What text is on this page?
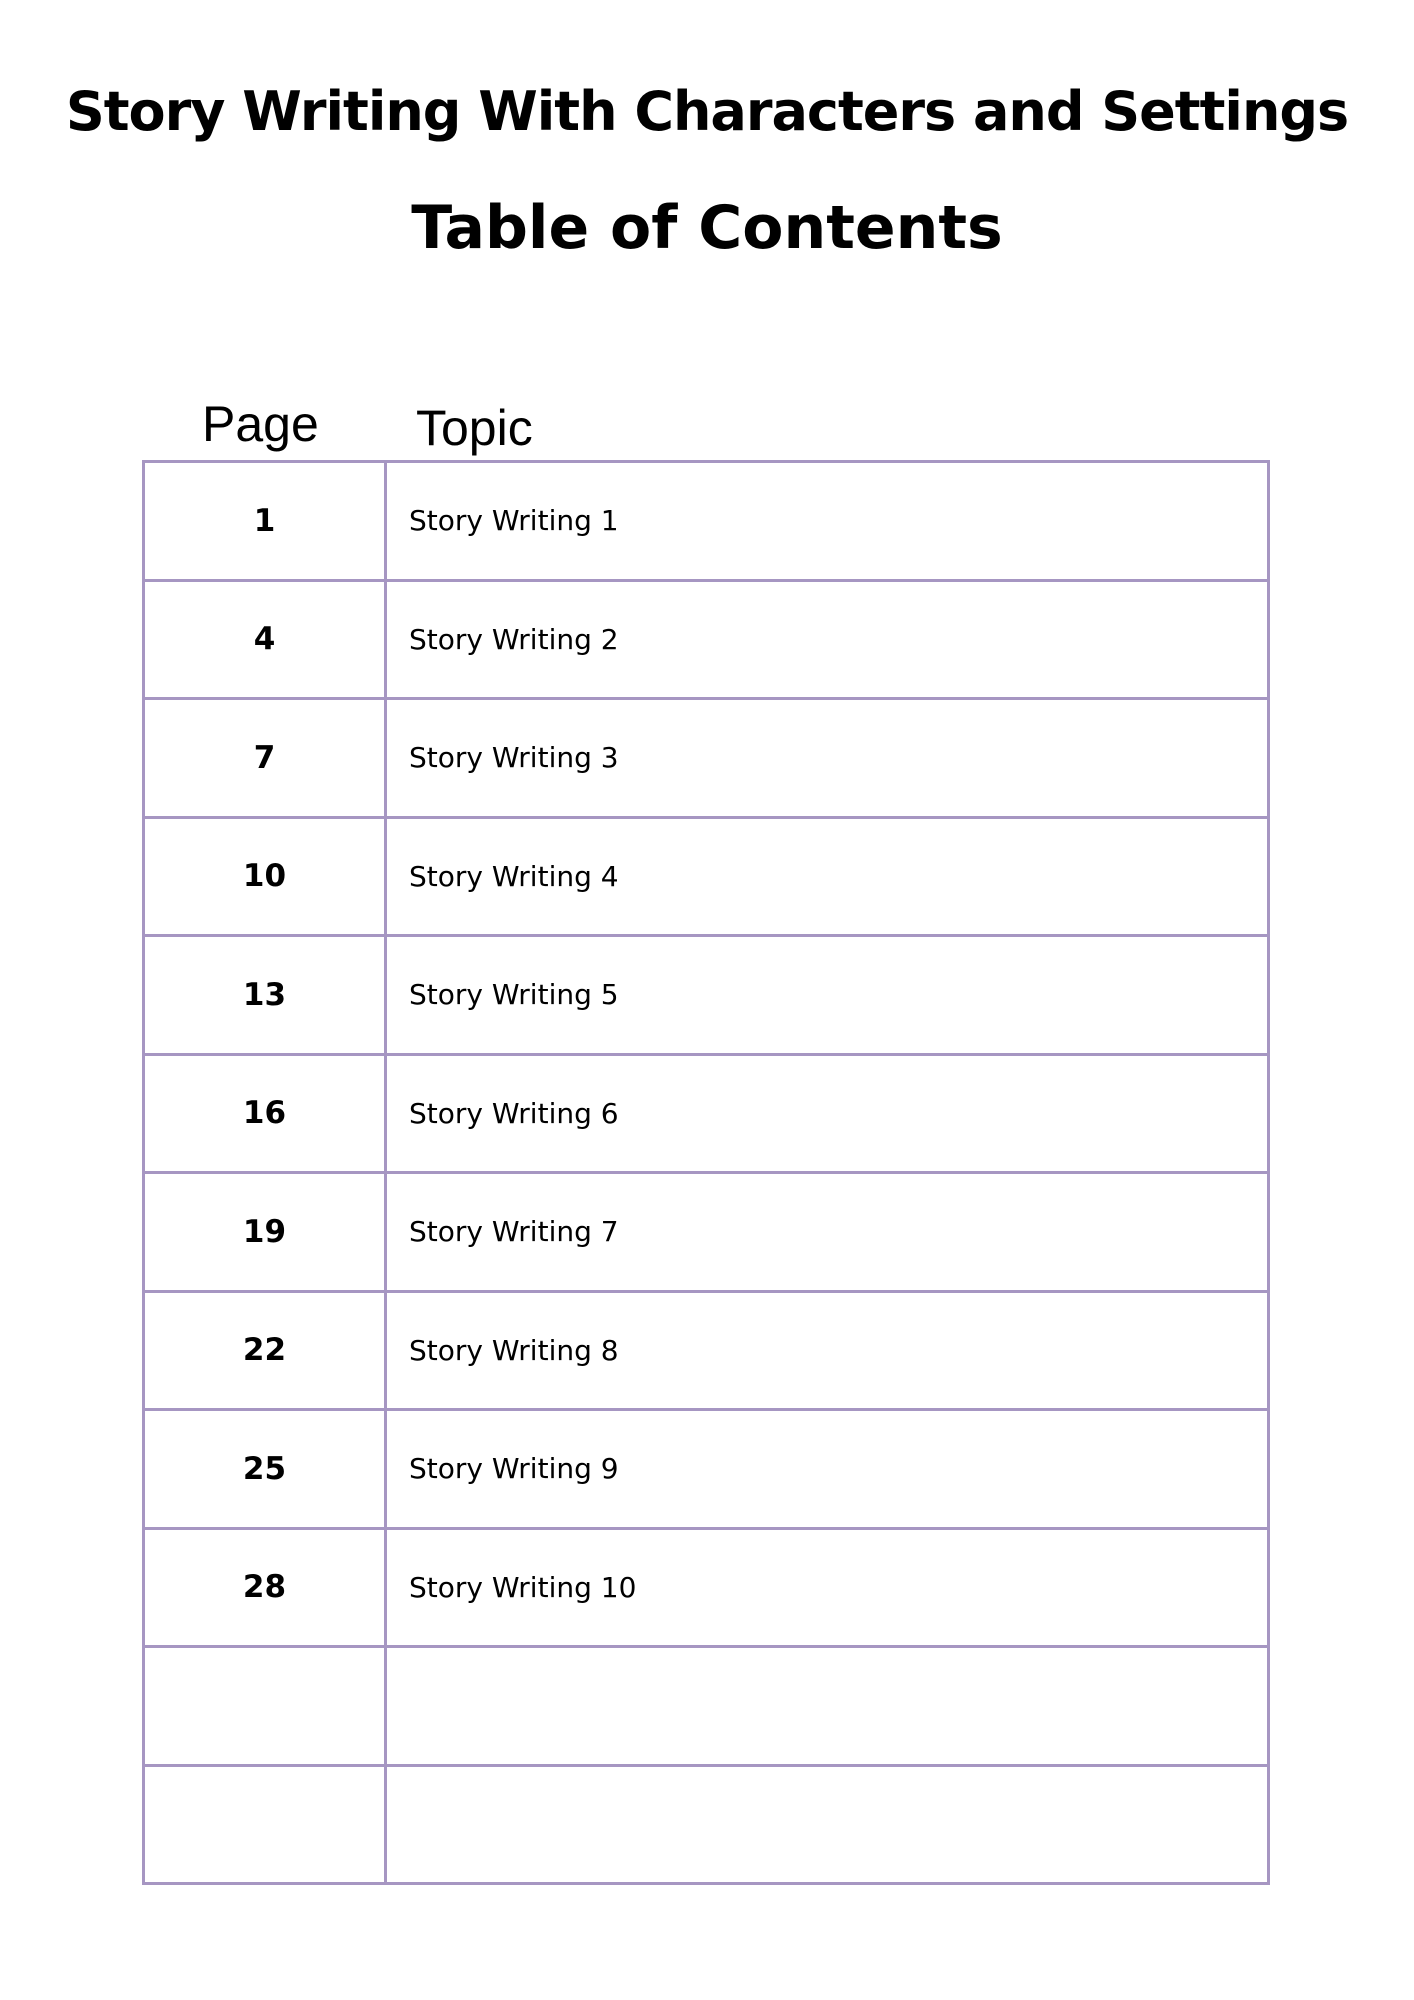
Story Writing With Characters and Settings
Table of Contents
Page Topic
1	Story Writing 1
4	Story Writing 2
7	Story Writing 3
10	Story Writing 4
13	Story Writing 5
16	Story Writing 6
19	Story Writing 7
22	Story Writing 8
25	Story Writing 9
28	Story Writing 10
